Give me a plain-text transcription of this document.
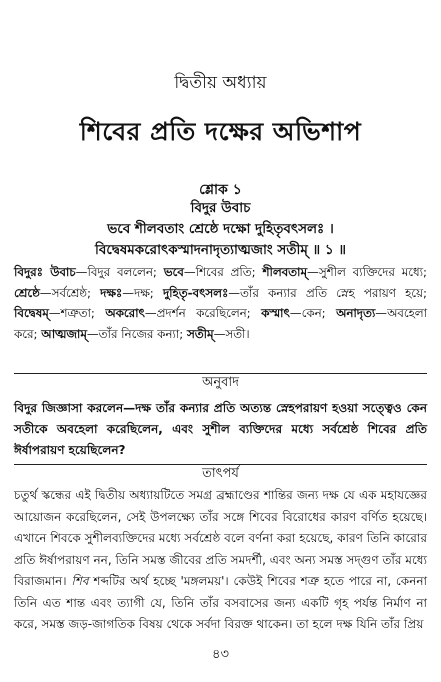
দ্বিতীয় অধ্যায়
শিবের প্রতি দক্ষের অভিশাপ
শ্লোক ১
বিদুর উবাচ
ভবে শীলবতাং শ্রেষ্ঠে দক্ষো দুহিতৃবৎসলঃ ।
বিদ্বেষমকরোৎকস্মাদনাদৃত্যাত্মজাং সতীম্ ॥ ১ ॥
বিদুরঃ উবাচ—বিদুর বললেন; ভবে—শিবের প্রতি; শীলবতাম্—সুশীল ব্যক্তিদের মধ্যে; শ্রেষ্ঠে—সর্বশ্রেষ্ঠ; দক্ষঃ—দক্ষ; দুহিতৃ-বৎসলঃ—তাঁর কন্যার প্রতি স্নেহ পরায়ণ হয়ে; বিদ্বেষম্—শত্রুতা; অকরোৎ—প্রদর্শন করেছিলেন; কস্মাৎ—কেন; অনাদৃত্য—অবহেলা করে; আত্মজাম্—তাঁর নিজের কন্যা; সতীম্—সতী।
অনুবাদ
বিদুর জিজ্ঞাসা করলেন—দক্ষ তাঁর কন্যার প্রতি অত্যন্ত স্নেহপরায়ণ হওয়া সত্ত্বেও কেন সতীকে অবহেলা করেছিলেন, এবং সুশীল ব্যক্তিদের মধ্যে সর্বশ্রেষ্ঠ শিবের প্রতি ঈর্ষাপরায়ণ হয়েছিলেন?
তাৎপর্য
চতুর্থ স্কন্ধের এই দ্বিতীয় অধ্যায়টিতে সমগ্র ব্রহ্মাণ্ডের শান্তির জন্য দক্ষ যে এক মহাযজ্ঞের আয়োজন করেছিলেন, সেই উপলক্ষ্যে তাঁর সঙ্গে শিবের বিরোধের কারণ বর্ণিত হয়েছে। এখানে শিবকে সুশীলব্যক্তিদের মধ্যে সর্বশ্রেষ্ঠ বলে বর্ণনা করা হয়েছে, কারণ তিনি কারোর প্রতি ঈর্ষাপরায়ণ নন, তিনি সমস্ত জীবের প্রতি সমদর্শী, এবং অন্য সমস্ত সদ্গুণ তাঁর মধ্যে বিরাজমান। শিব শব্দটির অর্থ হচ্ছে 'মঙ্গলময়'। কেউই শিবের শত্রু হতে পারে না, কেননা তিনি এত শান্ত এবং ত্যাগী যে, তিনি তাঁর বসবাসের জন্য একটি গৃহ পর্যন্ত নির্মাণ না করে, সমস্ত জড়-জাগতিক বিষয় থেকে সর্বদা বিরক্ত থাকেন। তা হলে দক্ষ যিনি তাঁর প্রিয়
৪৩
